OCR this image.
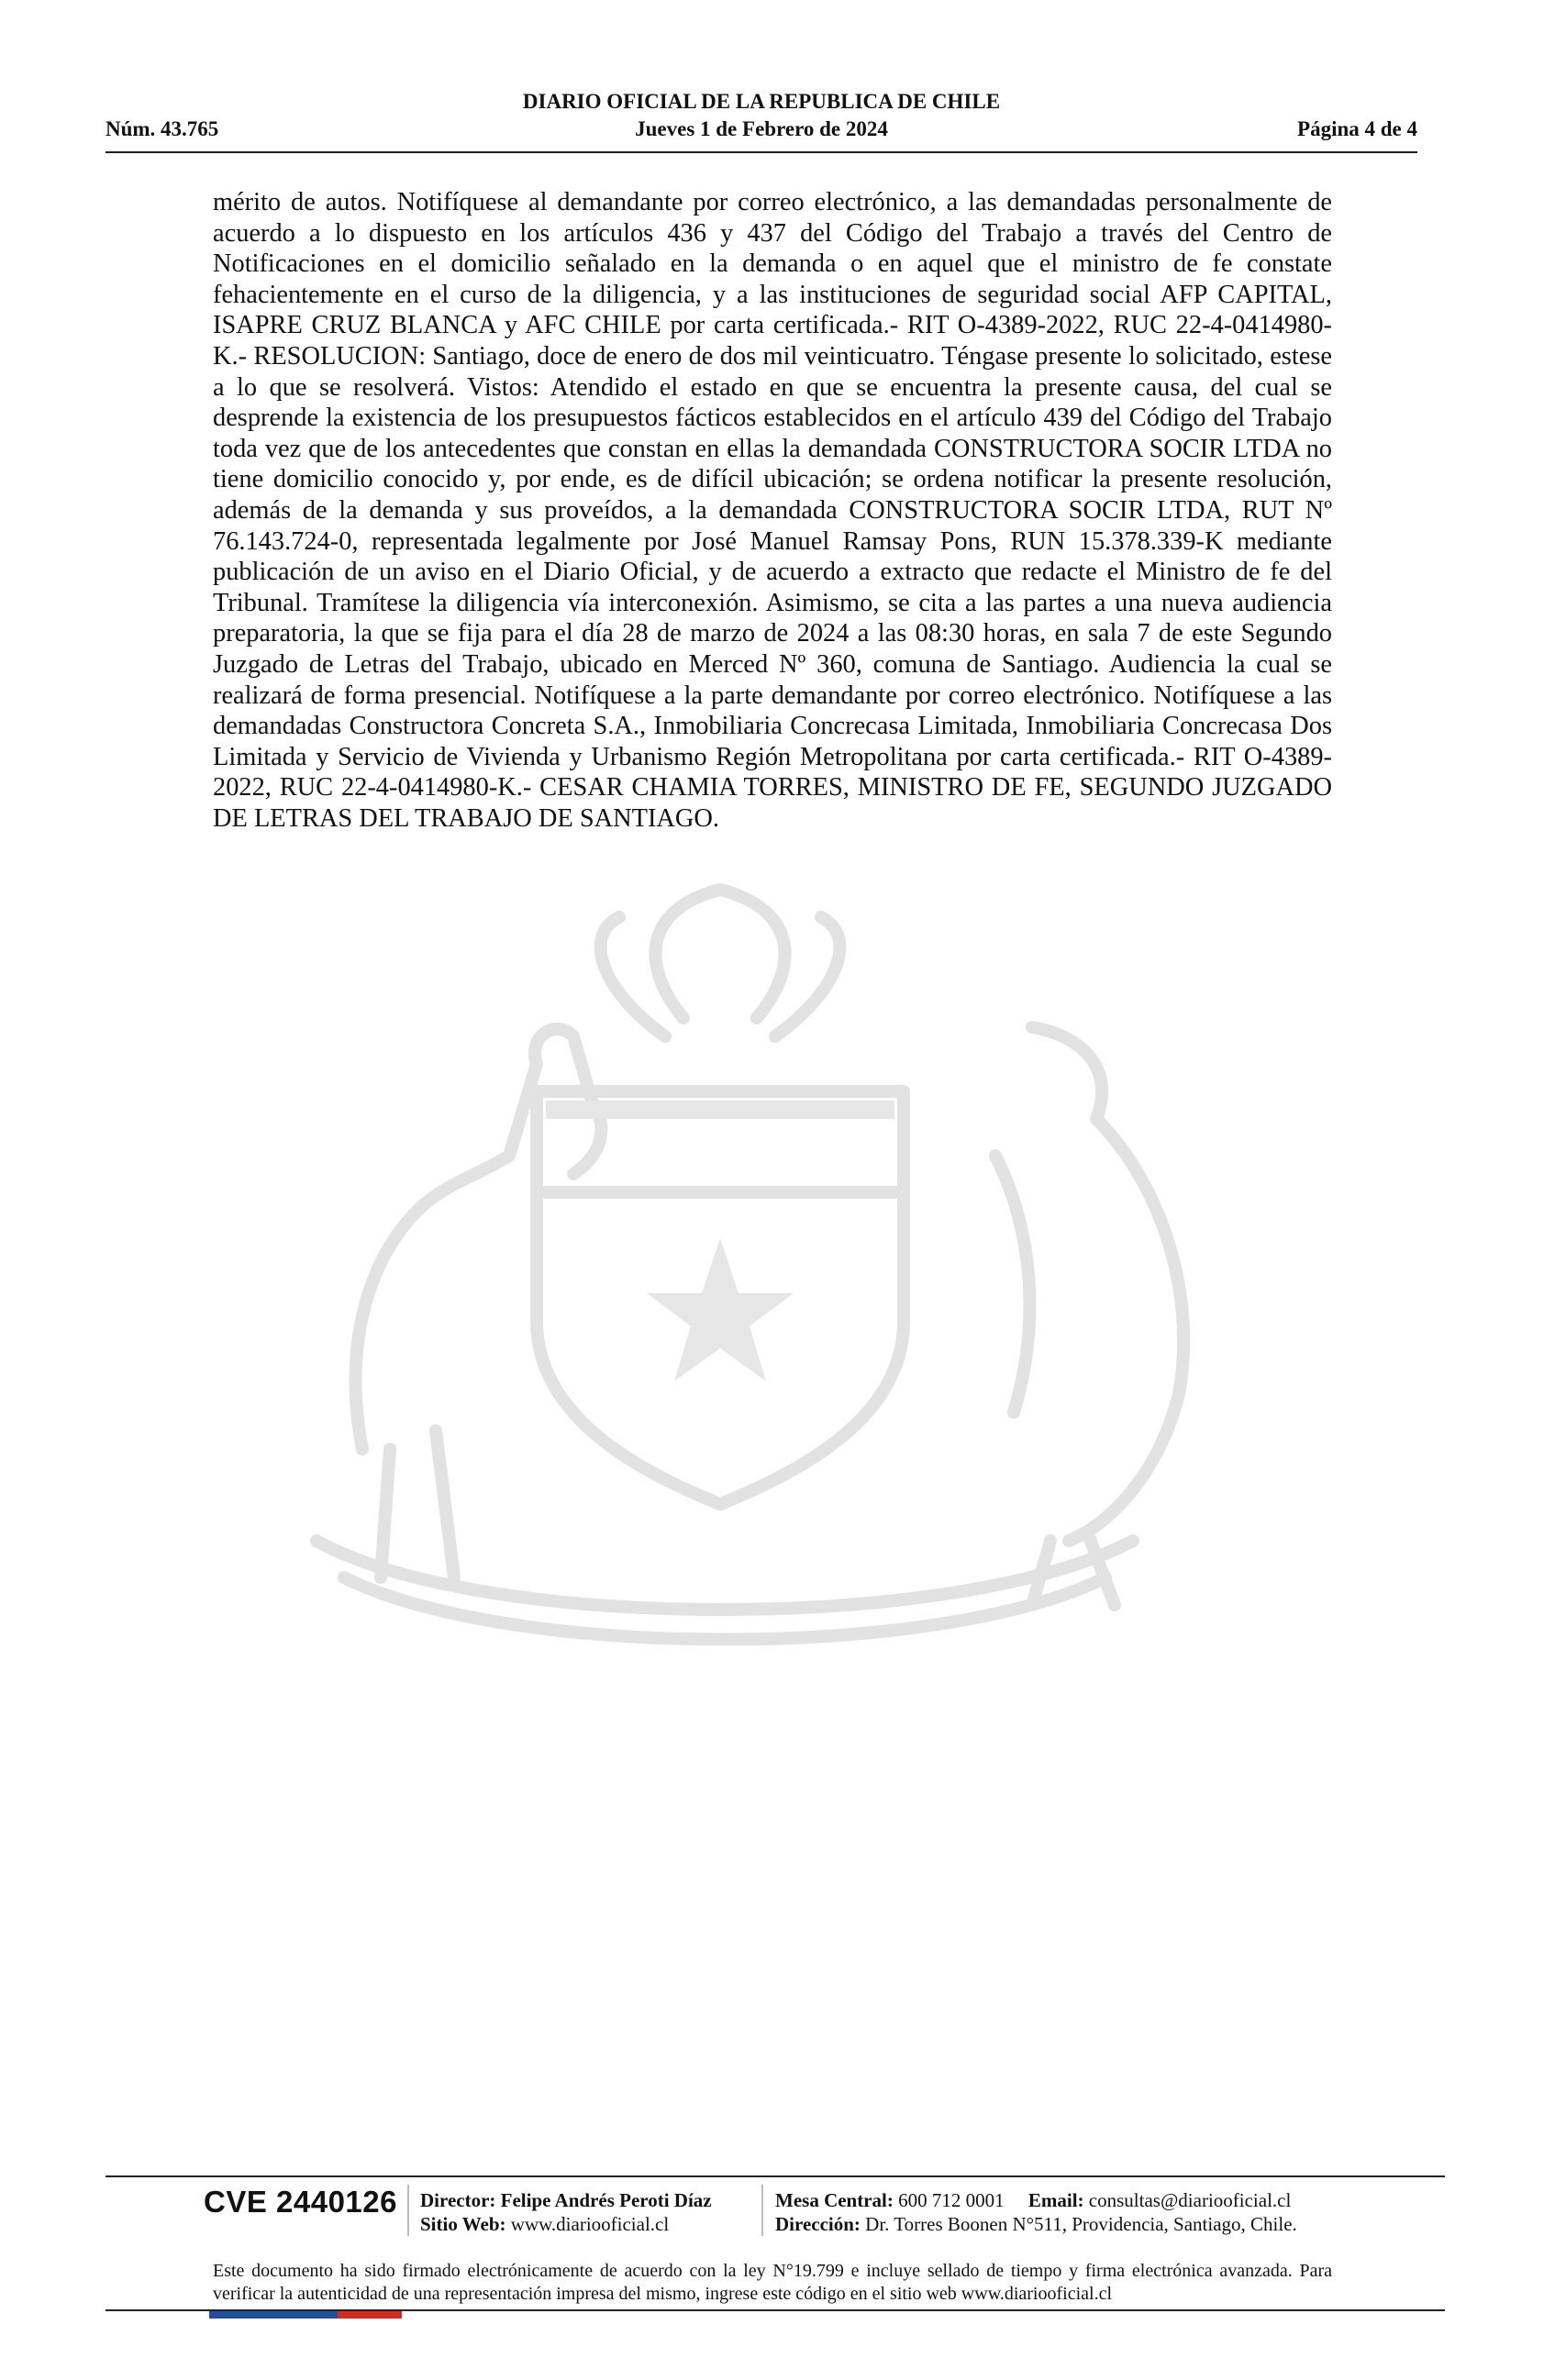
DIARIO OFICIAL DE LA REPUBLICA DE CHILE
Núm. 43.765	Jueves 1 de Febrero de 2024	Página 4 de 4

mérito de autos. Notifíquese al demandante por correo electrónico, a las demandadas personalmente de acuerdo a lo dispuesto en los artículos 436 y 437 del Código del Trabajo a través del Centro de Notificaciones en el domicilio señalado en la demanda o en aquel que el ministro de fe constate fehacientemente en el curso de la diligencia, y a las instituciones de seguridad social AFP CAPITAL, ISAPRE CRUZ BLANCA y AFC CHILE por carta certificada.- RIT O-4389-2022, RUC 22-4-0414980-K.- RESOLUCION: Santiago, doce de enero de dos mil veinticuatro. Téngase presente lo solicitado, estese a lo que se resolverá. Vistos: Atendido el estado en que se encuentra la presente causa, del cual se desprende la existencia de los presupuestos fácticos establecidos en el artículo 439 del Código del Trabajo toda vez que de los antecedentes que constan en ellas la demandada CONSTRUCTORA SOCIR LTDA no tiene domicilio conocido y, por ende, es de difícil ubicación; se ordena notificar la presente resolución, además de la demanda y sus proveídos, a la demandada CONSTRUCTORA SOCIR LTDA, RUT Nº 76.143.724-0, representada legalmente por José Manuel Ramsay Pons, RUN 15.378.339-K mediante publicación de un aviso en el Diario Oficial, y de acuerdo a extracto que redacte el Ministro de fe del Tribunal. Tramítese la diligencia vía interconexión. Asimismo, se cita a las partes a una nueva audiencia preparatoria, la que se fija para el día 28 de marzo de 2024 a las 08:30 horas, en sala 7 de este Segundo Juzgado de Letras del Trabajo, ubicado en Merced Nº 360, comuna de Santiago. Audiencia la cual se realizará de forma presencial. Notifíquese a la parte demandante por correo electrónico. Notifíquese a las demandadas Constructora Concreta S.A., Inmobiliaria Concrecasa Limitada, Inmobiliaria Concrecasa Dos Limitada y Servicio de Vivienda y Urbanismo Región Metropolitana por carta certificada.- RIT O-4389-2022, RUC 22-4-0414980-K.- CESAR CHAMIA TORRES, MINISTRO DE FE, SEGUNDO JUZGADO DE LETRAS DEL TRABAJO DE SANTIAGO.

CVE 2440126 Director: Felipe Andrés Peroti Díaz
Sitio Web: www.diariooficial.cl
Mesa Central: 600 712 0001 Email: consultas@diariooficial.cl
Dirección: Dr. Torres Boonen N°511, Providencia, Santiago, Chile.

Este documento ha sido firmado electrónicamente de acuerdo con la ley N°19.799 e incluye sellado de tiempo y firma electrónica avanzada. Para verificar la autenticidad de una representación impresa del mismo, ingrese este código en el sitio web www.diariooficial.cl
